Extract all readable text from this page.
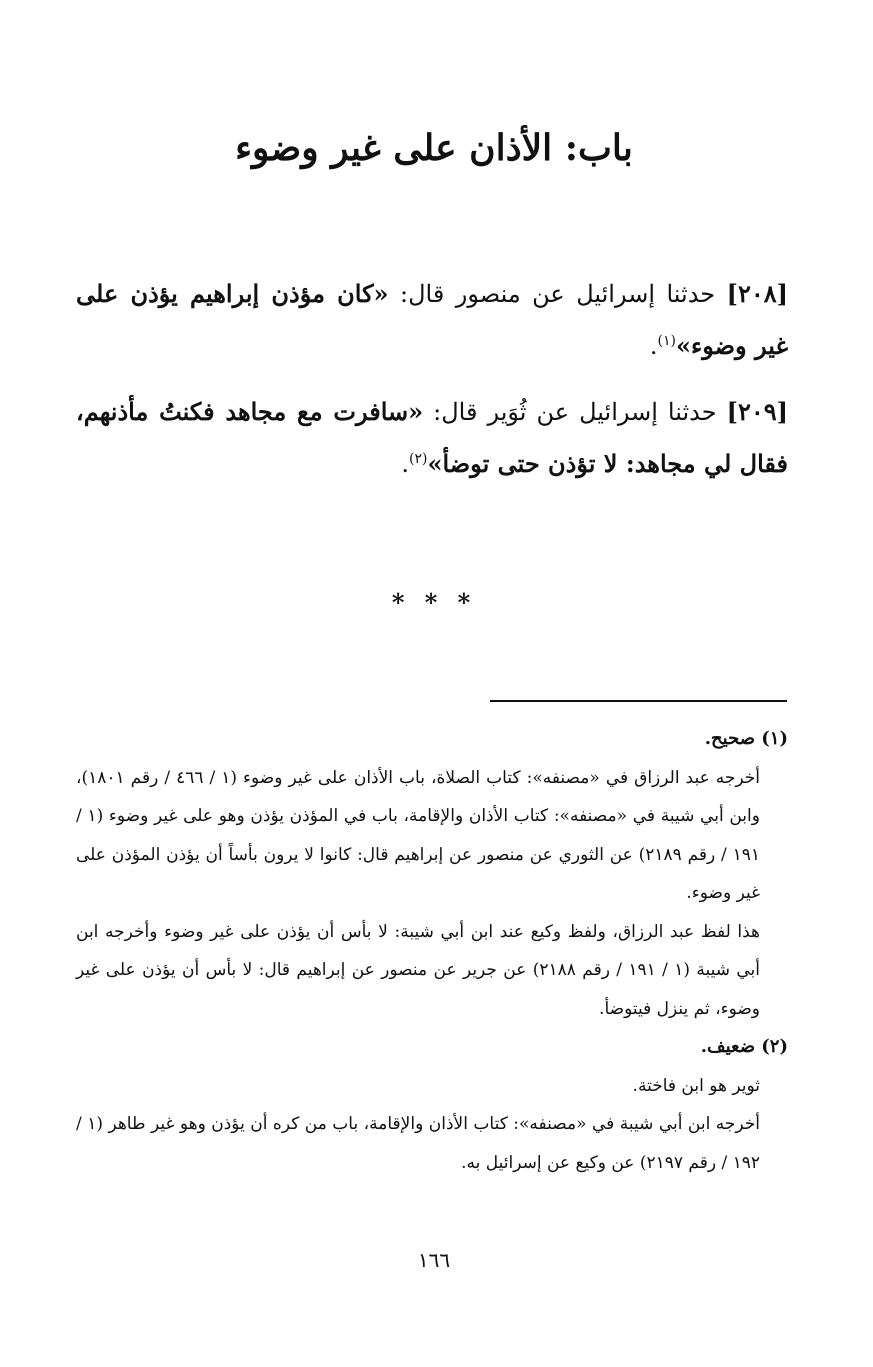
باب: الأذان على غير وضوء
[٢٠٨] حدثنا إسرائيل عن منصور قال: «كان مؤذن إبراهيم يؤذن على غير وضوء»$^{(١)}$.
[٢٠٩] حدثنا إسرائيل عن ثُوَير قال: «سافرت مع مجاهد فكنتُ مأذنهم، فقال لي مجاهد: لا تؤذن حتى توضأ»$^{(٢)}$.
* * *
(١) صحيح.

أخرجه عبد الرزاق في «مصنفه»: كتاب الصلاة، باب الأذان على غير وضوء (١ / ٤٦٦ / رقم ١٨٠١)، وابن أبي شيبة في «مصنفه»: كتاب الأذان والإقامة، باب في المؤذن يؤذن وهو على غير وضوء (١ / ١٩١ / رقم ٢١٨٩) عن الثوري عن منصور عن إبراهيم قال: كانوا لا يرون بأساً أن يؤذن المؤذن على غير وضوء.

هذا لفظ عبد الرزاق، ولفظ وكيع عند ابن أبي شيبة: لا بأس أن يؤذن على غير وضوء وأخرجه ابن أبي شيبة (١ / ١٩١ / رقم ٢١٨٨) عن جرير عن منصور عن إبراهيم قال: لا بأس أن يؤذن على غير وضوء، ثم ينزل فيتوضأ.

(٢) ضعيف.

ثوير هو ابن فاختة.

أخرجه ابن أبي شيبة في «مصنفه»: كتاب الأذان والإقامة، باب من كره أن يؤذن وهو غير طاهر (١ / ١٩٢ / رقم ٢١٩٧) عن وكيع عن إسرائيل به.

١٦٦
